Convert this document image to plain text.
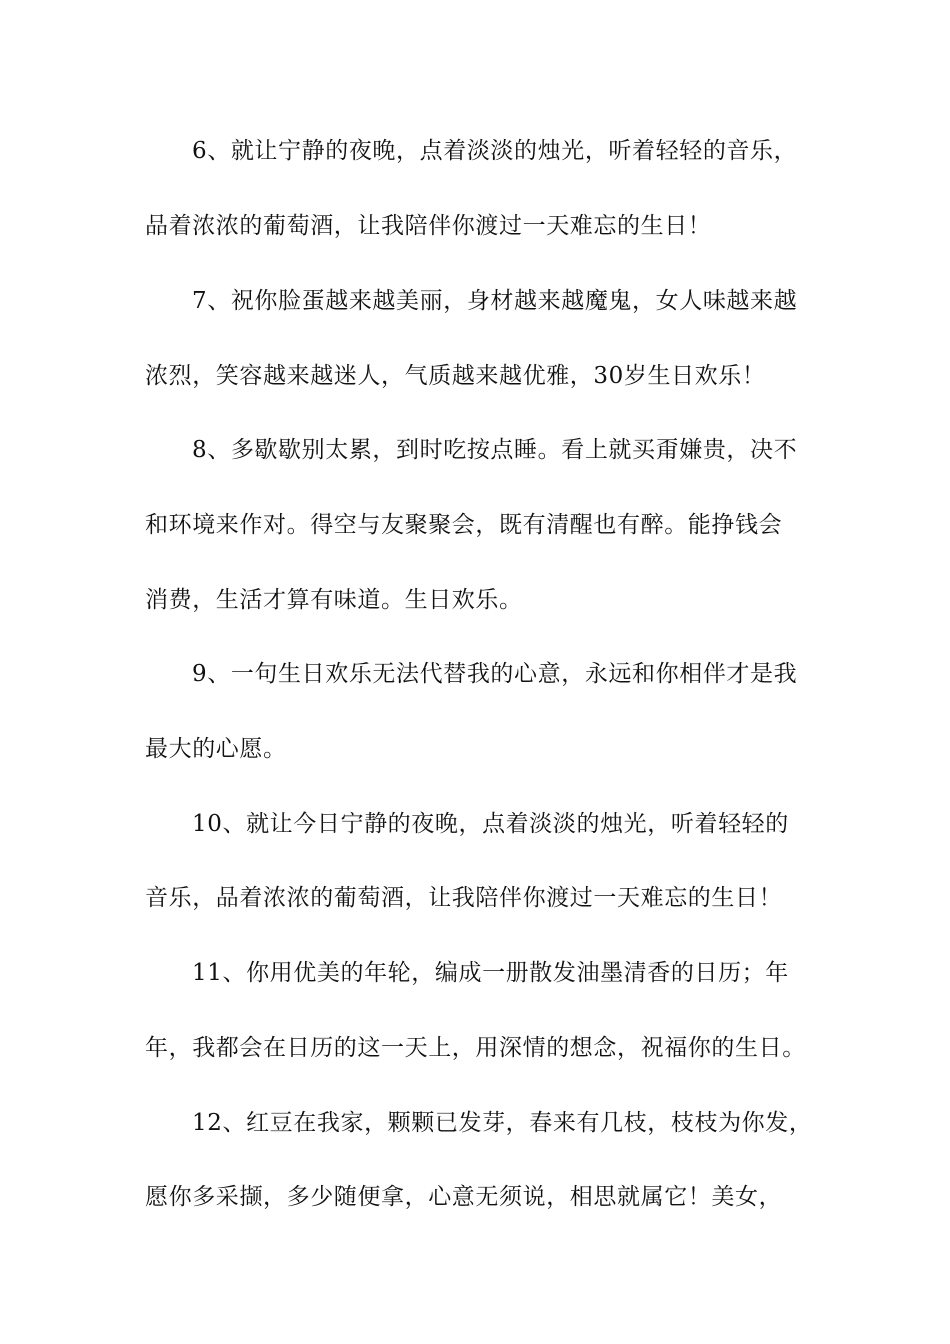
6、就让宁静的夜晚，点着淡淡的烛光，听着轻轻的音乐，
品着浓浓的葡萄酒，让我陪伴你渡过一天难忘的生日！
7、祝你脸蛋越来越美丽，身材越来越魔鬼，女人味越来越
浓烈，笑容越来越迷人，气质越来越优雅，30岁生日欢乐！
8、多歇歇别太累，到时吃按点睡。看上就买甭嫌贵，决不
和环境来作对。得空与友聚聚会，既有清醒也有醉。能挣钱会
消费，生活才算有味道。生日欢乐。
9、一句生日欢乐无法代替我的心意，永远和你相伴才是我
最大的心愿。
10、就让今日宁静的夜晚，点着淡淡的烛光，听着轻轻的
音乐，品着浓浓的葡萄酒，让我陪伴你渡过一天难忘的生日！
11、你用优美的年轮，编成一册散发油墨清香的日历；年
年，我都会在日历的这一天上，用深情的想念，祝福你的生日。
12、红豆在我家，颗颗已发芽，春来有几枝，枝枝为你发，
愿你多采撷，多少随便拿，心意无须说，相思就属它！美女，
